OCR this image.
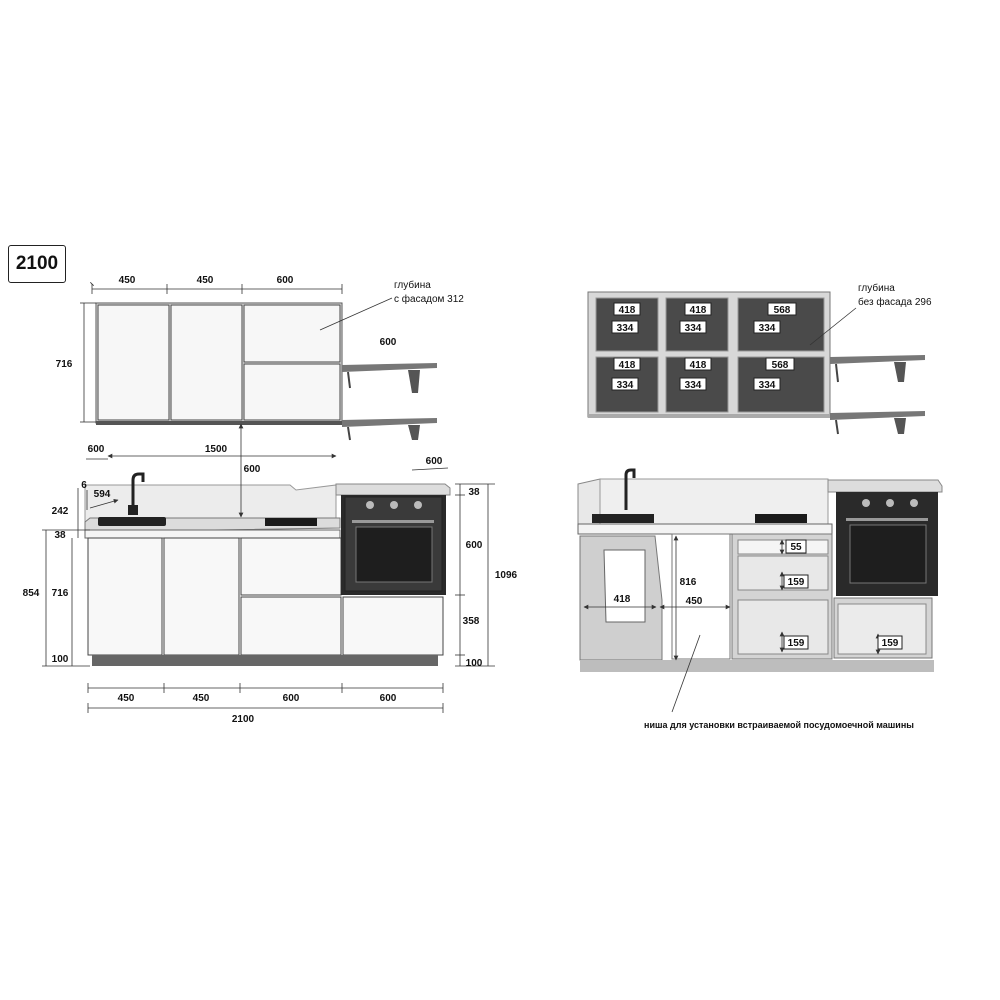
2100
450	450	600
716
глубина
с фасадом 312
600
600	1500
600
600
6
594
242
38
854 716
100
38
600
358
100
1096
450	450	600	600
2100
418
334
418
334
568
334
418
334
418
334
568
334
глубина
без фасада 296
418	450
816
55
159
159	159
ниша для установки встраиваемой посудомоечной машины
